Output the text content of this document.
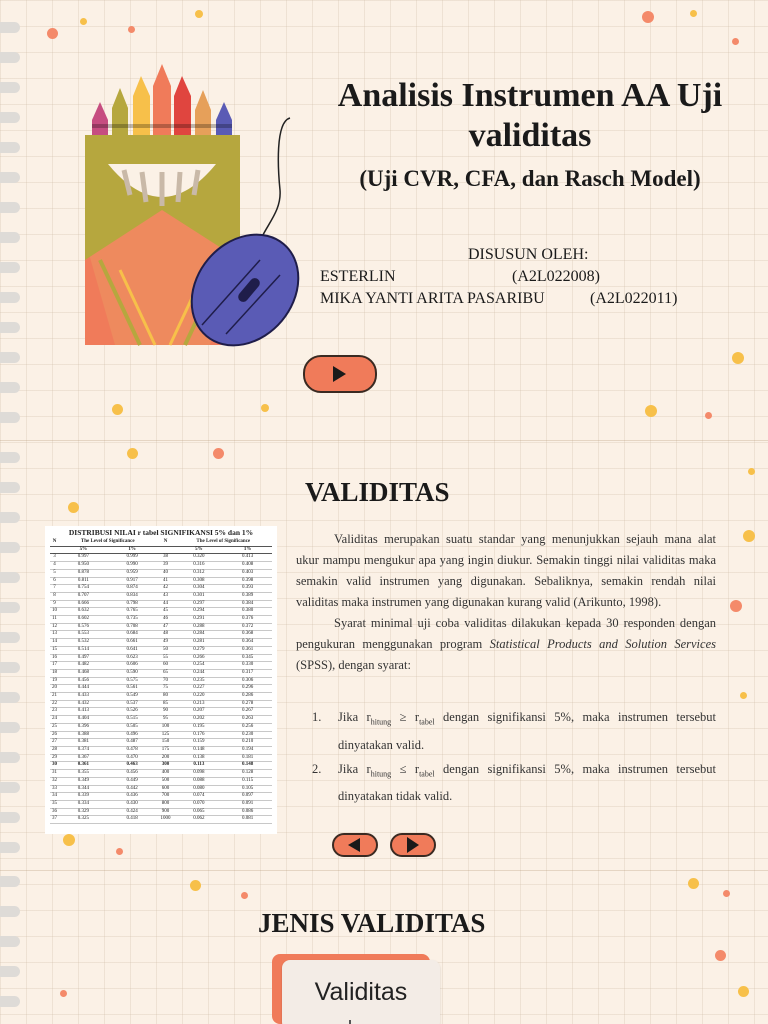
Analisis Instrumen AA Uji validitas
(Uji CVR, CFA, dan Rasch Model)
DISUSUN OLEH:
ESTERLIN	(A2L022008)
MIKA YANTI ARITA PASARIBU	(A2L022011)
VALIDITAS
DISTRIBUSI NILAI r tabel SIGNIFIKANSI 5% dan 1%
N	The Level of Significance		N	The Level of Significance	
	5%	1%		5%	1%
3	0.997	0.999	38	0.320	0.413
4	0.950	0.990	39	0.316	0.408
5	0.878	0.959	40	0.312	0.403
6	0.811	0.917	41	0.308	0.398
7	0.754	0.874	42	0.304	0.393
8	0.707	0.834	43	0.301	0.389
9	0.666	0.798	44	0.297	0.384
10	0.632	0.765	45	0.294	0.380
11	0.602	0.735	46	0.291	0.376
12	0.576	0.708	47	0.288	0.372
13	0.553	0.684	48	0.284	0.368
14	0.532	0.661	49	0.281	0.364
15	0.514	0.641	50	0.279	0.361
16	0.497	0.623	55	0.266	0.345
17	0.482	0.606	60	0.254	0.330
18	0.468	0.590	65	0.244	0.317
19	0.456	0.575	70	0.235	0.306
20	0.444	0.561	75	0.227	0.296
21	0.433	0.549	80	0.220	0.286
22	0.432	0.537	85	0.213	0.278
23	0.413	0.526	90	0.207	0.267
24	0.404	0.515	95	0.202	0.263
25	0.396	0.505	100	0.195	0.256
26	0.388	0.496	125	0.176	0.230
27	0.381	0.487	150	0.159	0.210
28	0.374	0.478	175	0.148	0.194
29	0.367	0.470	200	0.138	0.181
30	0.361	0.463	300	0.113	0.148
31	0.355	0.456	400	0.098	0.128
32	0.349	0.449	500	0.088	0.115
33	0.344	0.442	600	0.080	0.105
34	0.339	0.436	700	0.074	0.097
35	0.334	0.430	800	0.070	0.091
36	0.329	0.424	900	0.065	0.086
37	0.325	0.418	1000	0.062	0.081

Validitas merupakan suatu standar yang menunjukkan sejauh mana alat ukur mampu mengukur apa yang ingin diukur. Semakin tinggi nilai validitas maka semakin valid instrumen yang digunakan. Sebaliknya, semakin rendah nilai validitas maka instrumen yang digunakan kurang valid (Arikunto, 1998).

Syarat minimal uji coba validitas dilakukan kepada 30 responden dengan pengukuran menggunakan program Statistical Products and Solution Services (SPSS), dengan syarat:

1. Jika $r_{hitung} \ge r_{tabel}$ dengan signifikansi 5%, maka instrumen tersebut dinyatakan valid.
2. Jika $r_{hitung} \le r_{tabel}$ dengan signifikansi 5%, maka instrumen tersebut dinyatakan tidak valid.
JENIS VALIDITAS
Validitas
